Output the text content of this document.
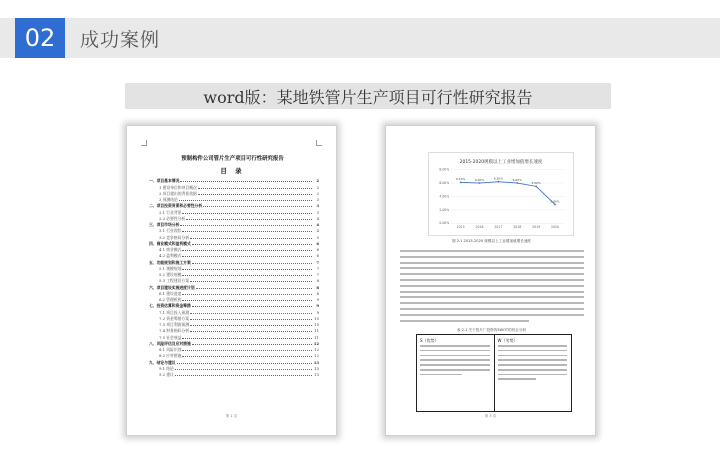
02	成功案例
word版：某地铁管片生产项目可行性研究报告
预制构件公司管片生产项目可行性研究报告
目 录
一、项目基本情况	2
1 建设单位和项目概况	2
2 项目提出的背景依据	2
3 预测结论	3
二、项目投资背景和必要性分析	3
2.1 行业背景	3
2.2 必要性分析	4
三、项目市场分析	4
3.1 行业现状	4
3.2 竞争格局分析	5
四、商业模式和盈利模式	6
4.1 商业模式	6
4.2 盈利模式	6
五、功能规划和施工方案	7
5.1 规模规划	7
5.2 建设规模	7
5.3 工程建设方案	8
六、项目建设实施进度计划	8
6.1 建设进度	8
6.2 管理机构	9
七、投资估算和资金筹措	9
7.1 项目投入预测	9
7.2 资金筹措方案	10
7.3 项目利润预测	10
7.4 财务指标分析	11
7.5 社会效益	11
八、风险评估及应对措施	12
8.1 风险识别	12
8.2 应对措施	12
九、结论与建议	13
9.1 结论	13
9.2 建议	13
第 1 页
2015-2020规模以上工业增加值增长速度
0.00%
2.00%
4.00%
6.00%
8.00%
2015	2016	2017	2018	2019	2020
6.10%	6.00%	6.20%	6.00%
5.50%
2.80%
图 2.1 2015-2020 规模以上工业增加值增长速度
表 2.1 关于管片厂投资的SWOT的综合分析
S（优势）	W（劣势）
第 3 页
